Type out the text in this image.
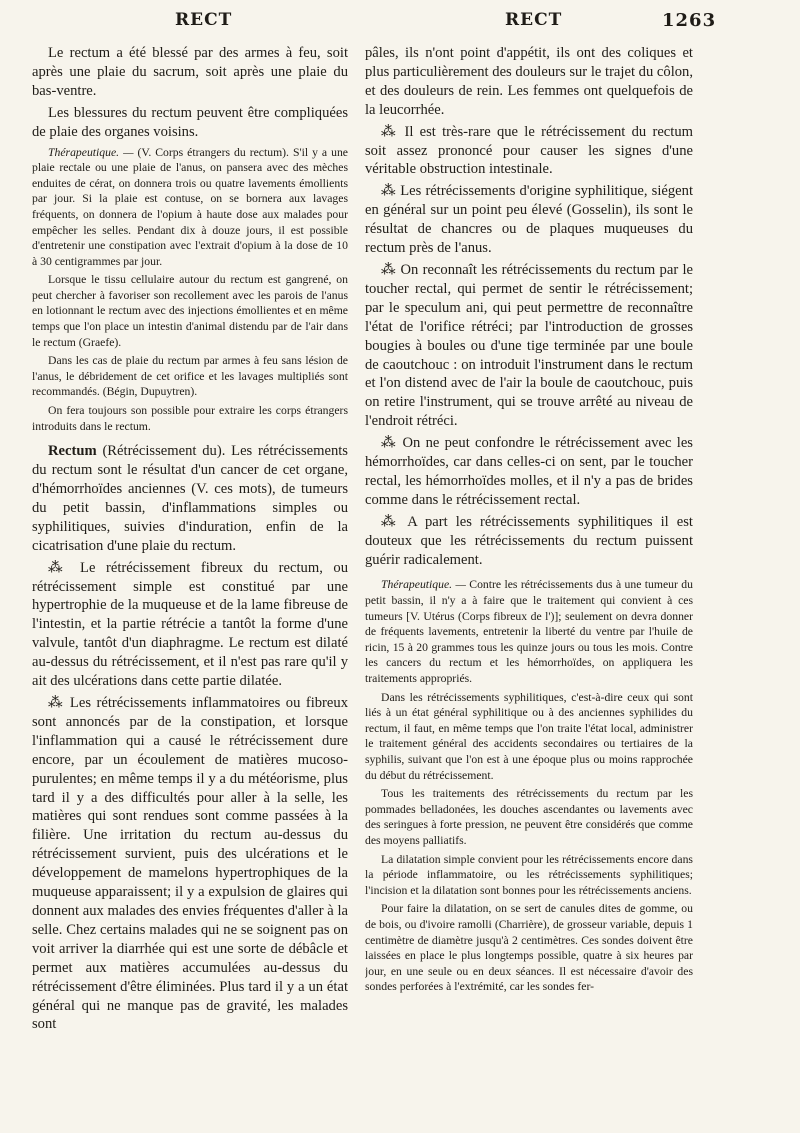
RECT	RECT	1263

Le rectum a été blessé par des armes à feu, soit après une plaie du sacrum, soit après une plaie du bas-ventre.

Les blessures du rectum peuvent être compliquées de plaie des organes voisins.

Thérapeutique. — (V. Corps étrangers du rectum). S'il y a une plaie rectale ou une plaie de l'anus, on pansera avec des mèches enduites de cérat, on donnera trois ou quatre lavements émollients par jour. Si la plaie est contuse, on se bornera aux lavages fréquents, on donnera de l'opium à haute dose aux malades pour empêcher les selles. Pendant dix à douze jours, il est possible d'entretenir une constipation avec l'extrait d'opium à la dose de 10 à 30 centigrammes par jour.

Lorsque le tissu cellulaire autour du rectum est gangrené, on peut chercher à favoriser son recollement avec les parois de l'anus en lotionnant le rectum avec des injections émollientes et en même temps que l'on place un intestin d'animal distendu par de l'air dans le rectum (Graefe).

Dans les cas de plaie du rectum par armes à feu sans lésion de l'anus, le débridement de cet orifice et les lavages multipliés sont recommandés. (Bégin, Dupuytren).

On fera toujours son possible pour extraire les corps étrangers introduits dans le rectum.

Rectum (Rétrécissement du). Les rétrécissements du rectum sont le résultat d'un cancer de cet organe, d'hémorrhoïdes anciennes (V. ces mots), de tumeurs du petit bassin, d'inflammations simples ou syphilitiques, suivies d'induration, enfin de la cicatrisation d'une plaie du rectum.

⁂ Le rétrécissement fibreux du rectum, ou rétrécissement simple est constitué par une hypertrophie de la muqueuse et de la lame fibreuse de l'intestin, et la partie rétrécie a tantôt la forme d'une valvule, tantôt d'un diaphragme. Le rectum est dilaté au-dessus du rétrécissement, et il n'est pas rare qu'il y ait des ulcérations dans cette partie dilatée.

⁂ Les rétrécissements inflammatoires ou fibreux sont annoncés par de la constipation, et lorsque l'inflammation qui a causé le rétrécissement dure encore, par un écoulement de matières mucoso-purulentes; en même temps il y a du météorisme, plus tard il y a des difficultés pour aller à la selle, les matières qui sont rendues sont comme passées à la filière. Une irritation du rectum au-dessus du rétrécissement survient, puis des ulcérations et le développement de mamelons hypertrophiques de la muqueuse apparaissent; il y a expulsion de glaires qui donnent aux malades des envies fréquentes d'aller à la selle. Chez certains malades qui ne se soignent pas on voit arriver la diarrhée qui est une sorte de débâcle et permet aux matières accumulées au-dessus du rétrécissement d'être éliminées. Plus tard il y a un état général qui ne manque pas de gravité, les malades sont

pâles, ils n'ont point d'appétit, ils ont des coliques et plus particulièrement des douleurs sur le trajet du côlon, et des douleurs de rein. Les femmes ont quelquefois de la leucorrhée.

⁂ Il est très-rare que le rétrécissement du rectum soit assez prononcé pour causer les signes d'une véritable obstruction intestinale.

⁂ Les rétrécissements d'origine syphilitique, siégent en général sur un point peu élevé (Gosselin), ils sont le résultat de chancres ou de plaques muqueuses du rectum près de l'anus.

⁂ On reconnaît les rétrécissements du rectum par le toucher rectal, qui permet de sentir le rétrécissement; par le speculum ani, qui peut permettre de reconnaître l'état de l'orifice rétréci; par l'introduction de grosses bougies à boules ou d'une tige terminée par une boule de caoutchouc : on introduit l'instrument dans le rectum et l'on distend avec de l'air la boule de caoutchouc, puis on retire l'instrument, qui se trouve arrêté au niveau de l'endroit rétréci.

⁂ On ne peut confondre le rétrécissement avec les hémorrhoïdes, car dans celles-ci on sent, par le toucher rectal, les hémorrhoïdes molles, et il n'y a pas de brides comme dans le rétrécissement rectal.

⁂ A part les rétrécissements syphilitiques il est douteux que les rétrécissements du rectum puissent guérir radicalement.

Thérapeutique. — Contre les rétrécissements dus à une tumeur du petit bassin, il n'y a à faire que le traitement qui convient à ces tumeurs [V. Utérus (Corps fibreux de l')]; seulement on devra donner de fréquents lavements, entretenir la liberté du ventre par l'huile de ricin, 15 à 20 grammes tous les quinze jours ou tous les mois. Contre les cancers du rectum et les hémorrhoïdes, on appliquera les traitements appropriés.

Dans les rétrécissements syphilitiques, c'est-à-dire ceux qui sont liés à un état général syphilitique ou à des anciennes syphilides du rectum, il faut, en même temps que l'on traite l'état local, administrer le traitement général des accidents secondaires ou tertiaires de la syphilis, suivant que l'on est à une époque plus ou moins rapprochée du début du rétrécissement.

Tous les traitements des rétrécissements du rectum par les pommades belladonées, les douches ascendantes ou lavements avec des seringues à forte pression, ne peuvent être considérés que comme des moyens palliatifs.

La dilatation simple convient pour les rétrécissements encore dans la période inflammatoire, ou les rétrécissements syphilitiques; l'incision et la dilatation sont bonnes pour les rétrécissements anciens.

Pour faire la dilatation, on se sert de canules dites de gomme, ou de bois, ou d'ivoire ramolli (Charrière), de grosseur variable, depuis 1 centimètre de diamètre jusqu'à 2 centimètres. Ces sondes doivent être laissées en place le plus longtemps possible, quatre à six heures par jour, en une seule ou en deux séances. Il est nécessaire d'avoir des sondes perforées à l'extrémité, car les sondes fer-
